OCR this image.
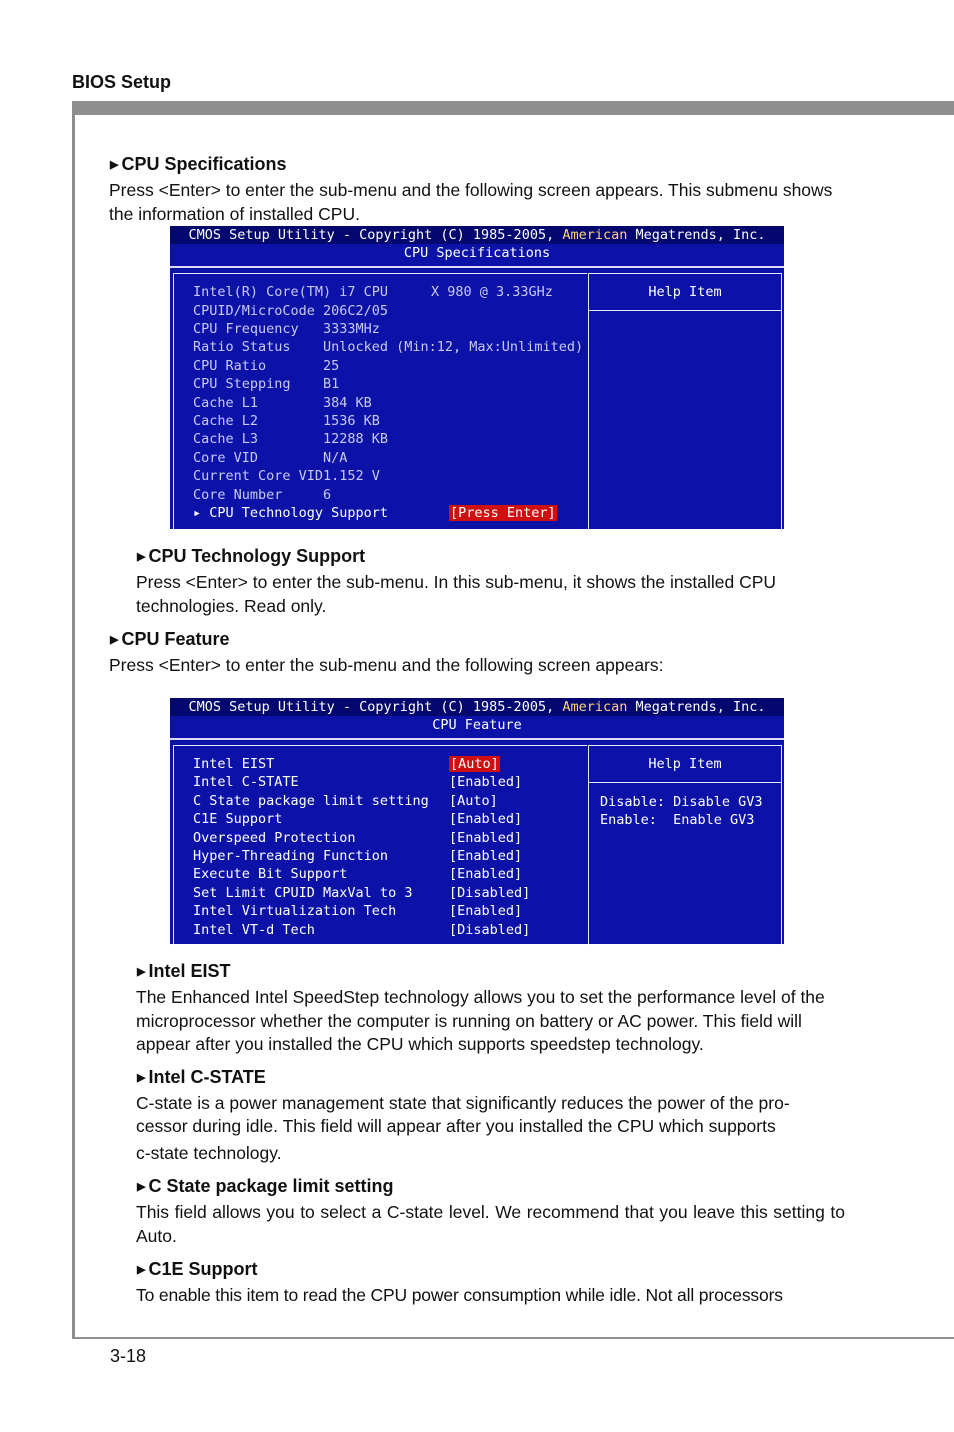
BIOS Setup
3-18
▶ CPU Specifications
Press <Enter> to enter the sub-menu and the following screen appears. This submenu shows the information of installed CPU.
CMOS Setup Utility - Copyright (C) 1985-2005, American Megatrends, Inc.
CPU Specifications
Intel(R) Core(TM) i7 CPU	X 980 @ 3.33GHz
CPUID/MicroCode 206C2/05
CPU Frequency 3333MHz
Ratio Status Unlocked (Min:12, Max:Unlimited)
CPU Ratio	25
CPU Stepping B1
Cache L1	384 KB
Cache L2	1536 KB
Cache L3	12288 KB
Core VID	N/A
Current Core VID 1.152 V
Core Number	6
▸ CPU Technology Support	[Press Enter]
Help Item
▶ CPU Technology Support
Press <Enter> to enter the sub-menu. In this sub-menu, it shows the installed CPU technologies. Read only.
▶ CPU Feature
Press <Enter> to enter the sub-menu and the following screen appears:
CMOS Setup Utility - Copyright (C) 1985-2005, American Megatrends, Inc.
CPU Feature
Intel EIST	[Auto]
Intel C-STATE	[Enabled]
C State package limit setting [Auto]
C1E Support	[Enabled]
Overspeed Protection	[Enabled]
Hyper-Threading Function	[Enabled]
Execute Bit Support	[Enabled]
Set Limit CPUID MaxVal to 3	[Disabled]
Intel Virtualization Tech	[Enabled]
Intel VT-d Tech	[Disabled]
Help Item
Disable: Disable GV3
Enable:  Enable GV3
▶ Intel EIST
The Enhanced Intel SpeedStep technology allows you to set the performance level of the microprocessor whether the computer is running on battery or AC power. This field will appear after you installed the CPU which supports speedstep technology.
▶ Intel C-STATE
C-state is a power management state that significantly reduces the power of the pro-
cessor during idle. This field will appear after you installed the CPU which supports
c-state technology.
▶ C State package limit setting
This field allows you to select a C-state level. We recommend that you leave this setting to Auto.
▶ C1E Support
To enable this item to read the CPU power consumption while idle. Not all processors
